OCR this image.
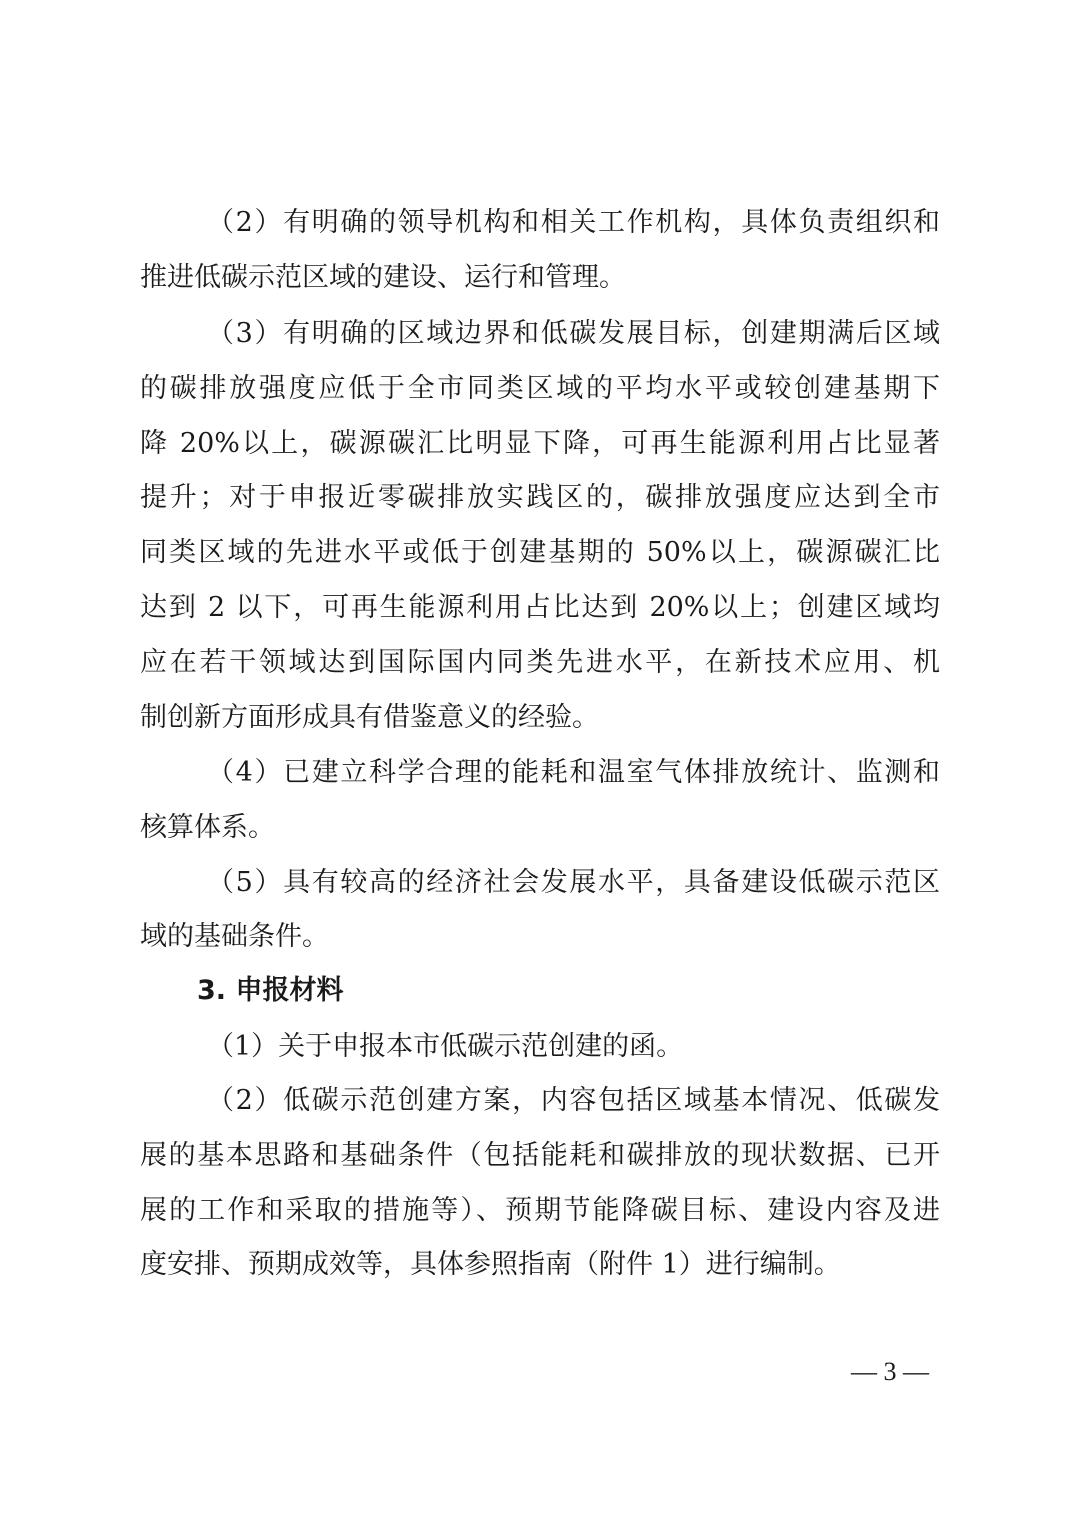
（2）有明确的领导机构和相关工作机构，具体负责组织和
推进低碳示范区域的建设、运行和管理。
（3）有明确的区域边界和低碳发展目标，创建期满后区域
的碳排放强度应低于全市同类区域的平均水平或较创建基期下
降 20%以上，碳源碳汇比明显下降，可再生能源利用占比显著
提升；对于申报近零碳排放实践区的，碳排放强度应达到全市
同类区域的先进水平或低于创建基期的 50%以上，碳源碳汇比
达到 2 以下，可再生能源利用占比达到 20%以上；创建区域均
应在若干领域达到国际国内同类先进水平，在新技术应用、机
制创新方面形成具有借鉴意义的经验。
（4）已建立科学合理的能耗和温室气体排放统计、监测和
核算体系。
（5）具有较高的经济社会发展水平，具备建设低碳示范区
域的基础条件。
3. 申报材料
（1）关于申报本市低碳示范创建的函。
（2）低碳示范创建方案，内容包括区域基本情况、低碳发
展的基本思路和基础条件（包括能耗和碳排放的现状数据、已开
展的工作和采取的措施等）、预期节能降碳目标、建设内容及进
度安排、预期成效等，具体参照指南（附件 1）进行编制。
— 3 —
